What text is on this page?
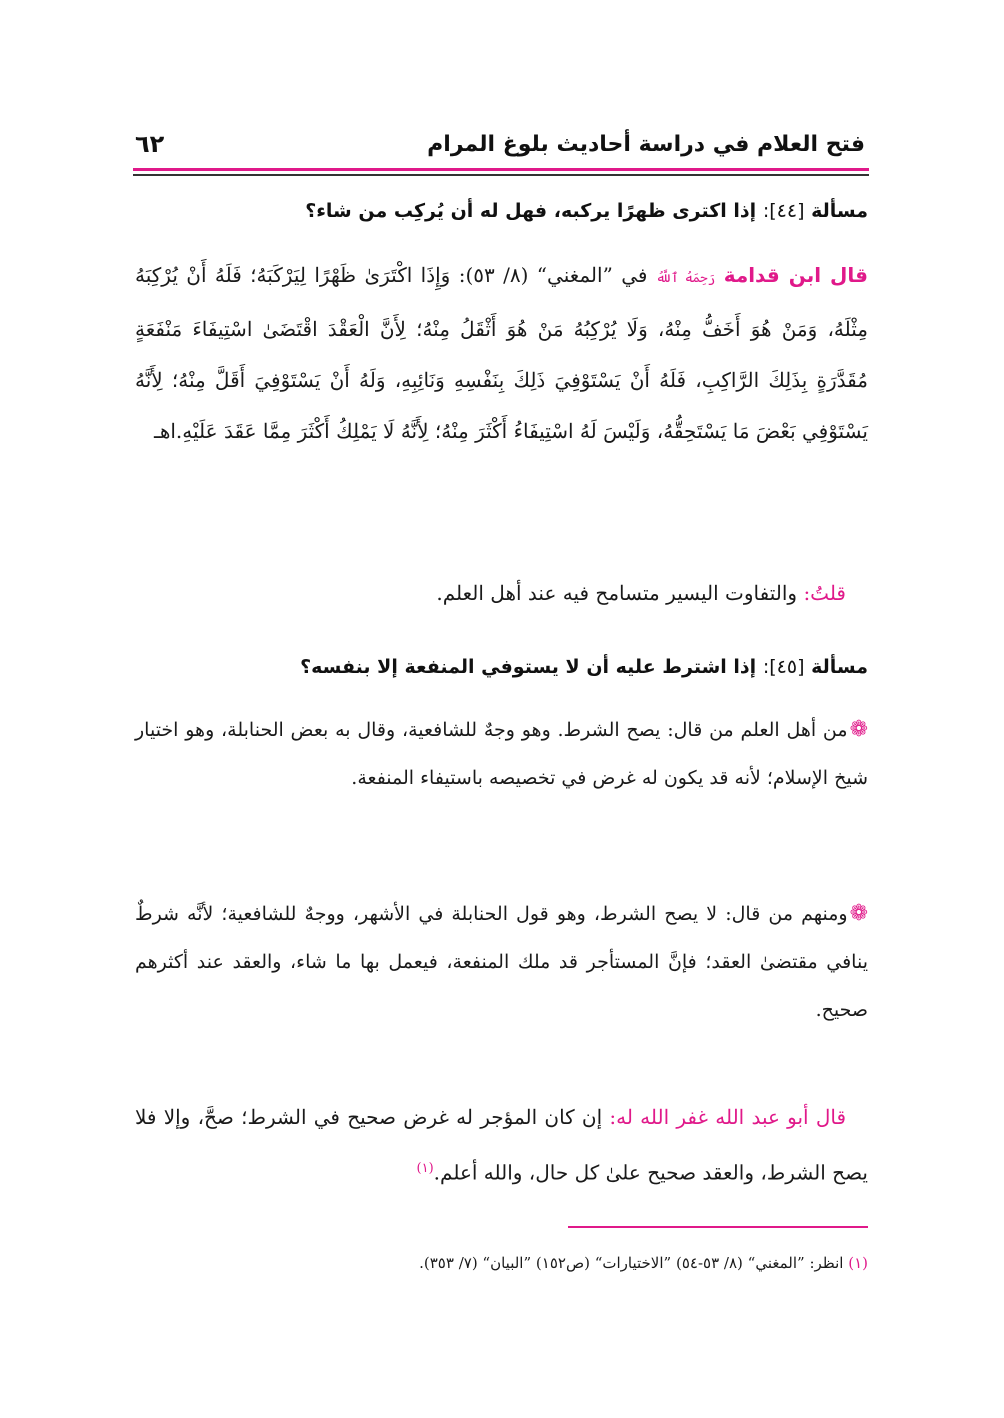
فتح العلام في دراسة أحاديث بلوغ المرام
٦٢
مسألة [٤٤]: إذا اكترى ظهرًا يركبه، فهل له أن يُركِب من شاء؟
قال ابن قدامة رَحِمَهُ ٱللَّهُ في ”المغني“ (٨/ ٥٣): وَإِذَا اكْتَرَىٰ ظَهْرًا لِيَرْكَبَهُ؛ فَلَهُ أَنْ يُرْكِبَهُ مِثْلَهُ، وَمَنْ هُوَ أَخَفُّ مِنْهُ، وَلَا يُرْكِبُهُ مَنْ هُوَ أَثْقَلُ مِنْهُ؛ لِأَنَّ الْعَقْدَ اقْتَضَىٰ اسْتِيفَاءَ مَنْفَعَةٍ مُقَدَّرَةٍ بِذَلِكَ الرَّاكِبِ، فَلَهُ أَنْ يَسْتَوْفِيَ ذَلِكَ بِنَفْسِهِ وَنَائِبِهِ، وَلَهُ أَنْ يَسْتَوْفِيَ أَقَلَّ مِنْهُ؛ لِأَنَّهُ يَسْتَوْفِي بَعْضَ مَا يَسْتَحِقُّهُ، وَلَيْسَ لَهُ اسْتِيفَاءُ أَكْثَرَ مِنْهُ؛ لِأَنَّهُ لَا يَمْلِكُ أَكْثَرَ مِمَّا عَقَدَ عَلَيْهِ.اهـ
قلتُ: والتفاوت اليسير متسامح فيه عند أهل العلم.
مسألة [٤٥]: إذا اشترط عليه أن لا يستوفي المنفعة إلا بنفسه؟
❁من أهل العلم من قال: يصح الشرط. وهو وجهٌ للشافعية، وقال به بعض الحنابلة، وهو اختيار شيخ الإسلام؛ لأنه قد يكون له غرض في تخصيصه باستيفاء المنفعة.
❁ومنهم من قال: لا يصح الشرط، وهو قول الحنابلة في الأشهر، ووجهٌ للشافعية؛ لأنَّه شرطٌ ينافي مقتضىٰ العقد؛ فإنَّ المستأجر قد ملك المنفعة، فيعمل بها ما شاء، والعقد عند أكثرهم صحيح.
قال أبو عبد الله غفر الله له: إن كان المؤجر له غرض صحيح في الشرط؛ صحَّ، وإلا فلا يصح الشرط، والعقد صحيح علىٰ كل حال، والله أعلم.$^{(١)}$
(١) انظر: ”المغني“ (٨/ ٥٣-٥٤) ”الاختيارات“ (ص١٥٢) ”البيان“ (٧/ ٣٥٣).
